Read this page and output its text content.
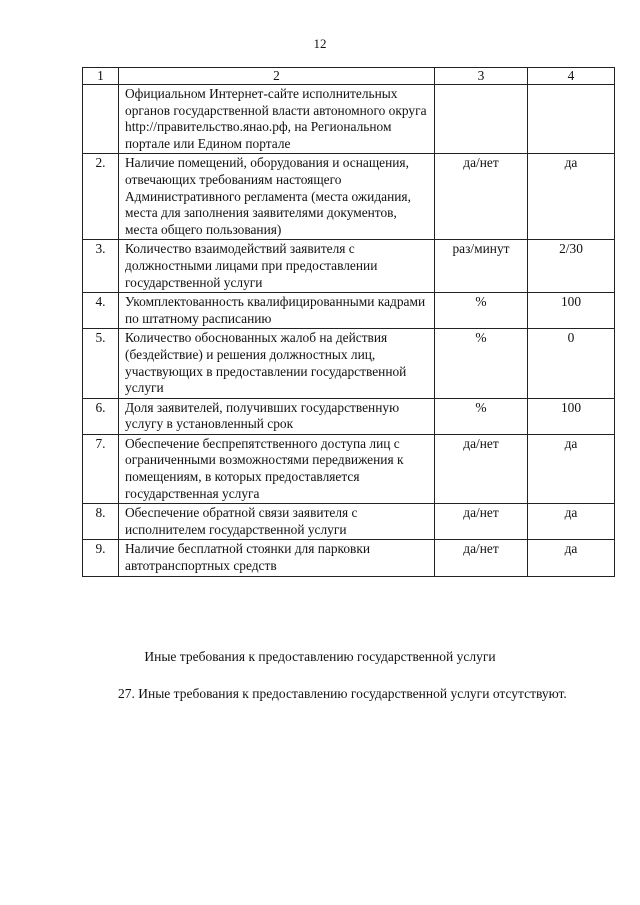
12
1	2	3	4
	Официальном Интернет-сайте исполнительных органов государственной власти автономного округа http://правительство.янао.рф, на Региональном портале или Едином портале		
2.	Наличие помещений, оборудования и оснащения, отвечающих требованиям настоящего Административного регламента (места ожидания, места для заполнения заявителями документов, места общего пользования)	да/нет	да
3.	Количество взаимодействий заявителя с должностными лицами при предоставлении государственной услуги	раз/минут	2/30
4.	Укомплектованность квалифицированными кадрами по штатному расписанию	%	100
5.	Количество обоснованных жалоб на действия (бездействие) и решения должностных лиц, участвующих в предоставлении государственной услуги	%	0
6.	Доля заявителей, получивших государственную услугу в установленный срок	%	100
7.	Обеспечение беспрепятственного доступа лиц с ограниченными возможностями передвижения к помещениям, в которых предоставляется государственная услуга	да/нет	да
8.	Обеспечение обратной связи заявителя с исполнителем государственной услуги	да/нет	да
9.	Наличие бесплатной стоянки для парковки автотранспортных средств	да/нет	да
Иные требования к предоставлению государственной услуги
27. Иные требования к предоставлению государственной услуги отсутствуют.
